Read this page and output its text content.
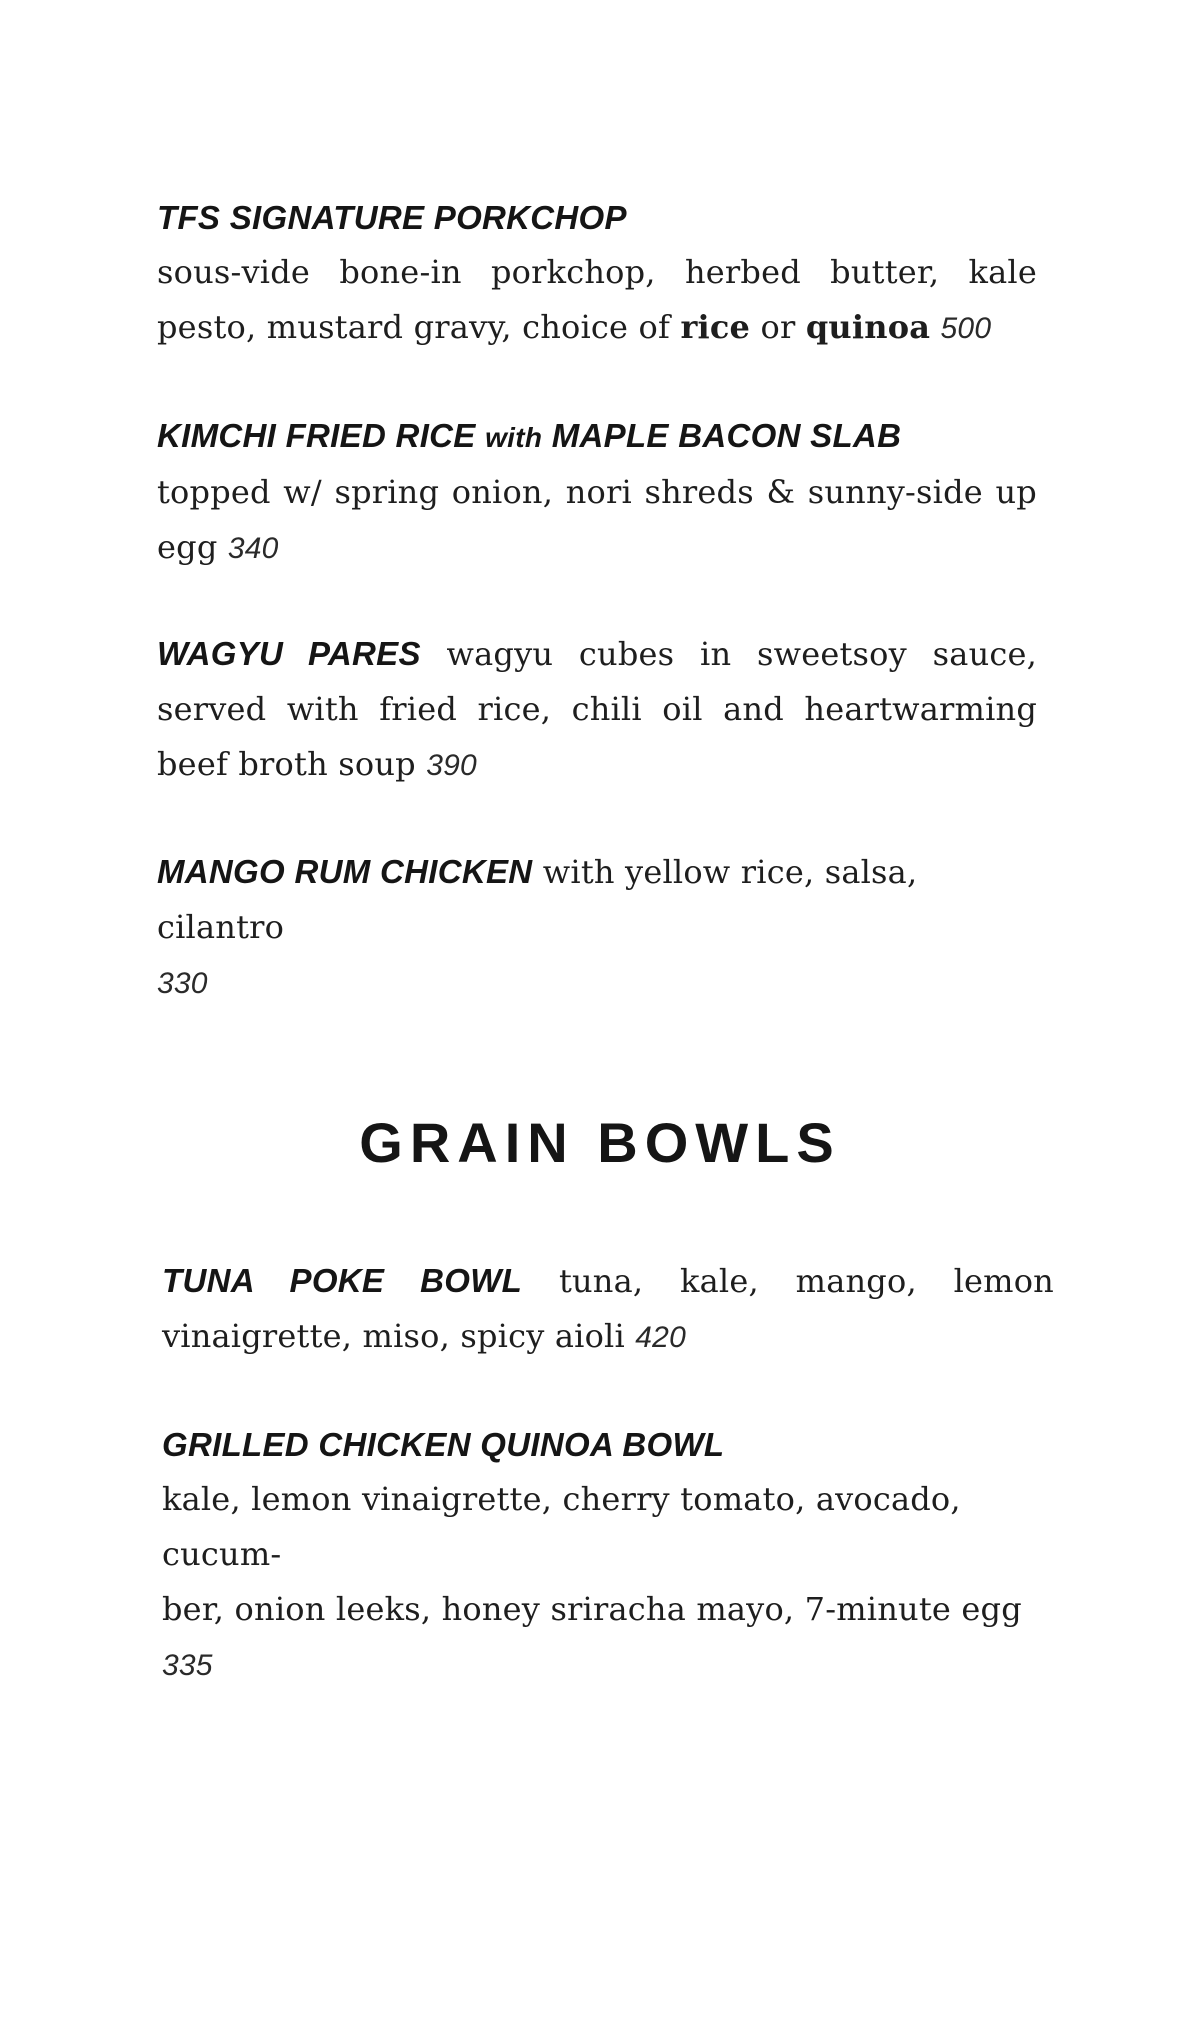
TFS SIGNATURE PORKCHOP
sous-vide bone-in porkchop, herbed butter, kale pesto, mustard gravy, choice of rice or quinoa 500
KIMCHI FRIED RICE with MAPLE BACON SLAB
topped w/ spring onion, nori shreds & sunny-side up egg 340
WAGYU PARES wagyu cubes in sweetsoy sauce, served with fried rice, chili oil and heartwarming beef broth soup 390
MANGO RUM CHICKEN with yellow rice, salsa, cilantro
330
GRAIN BOWLS
TUNA POKE BOWL tuna, kale, mango, lemon vinaigrette, miso, spicy aioli 420
GRILLED CHICKEN QUINOA BOWL
kale, lemon vinaigrette, cherry tomato, avocado, cucum-
ber, onion leeks, honey sriracha mayo, 7-minute egg 335
